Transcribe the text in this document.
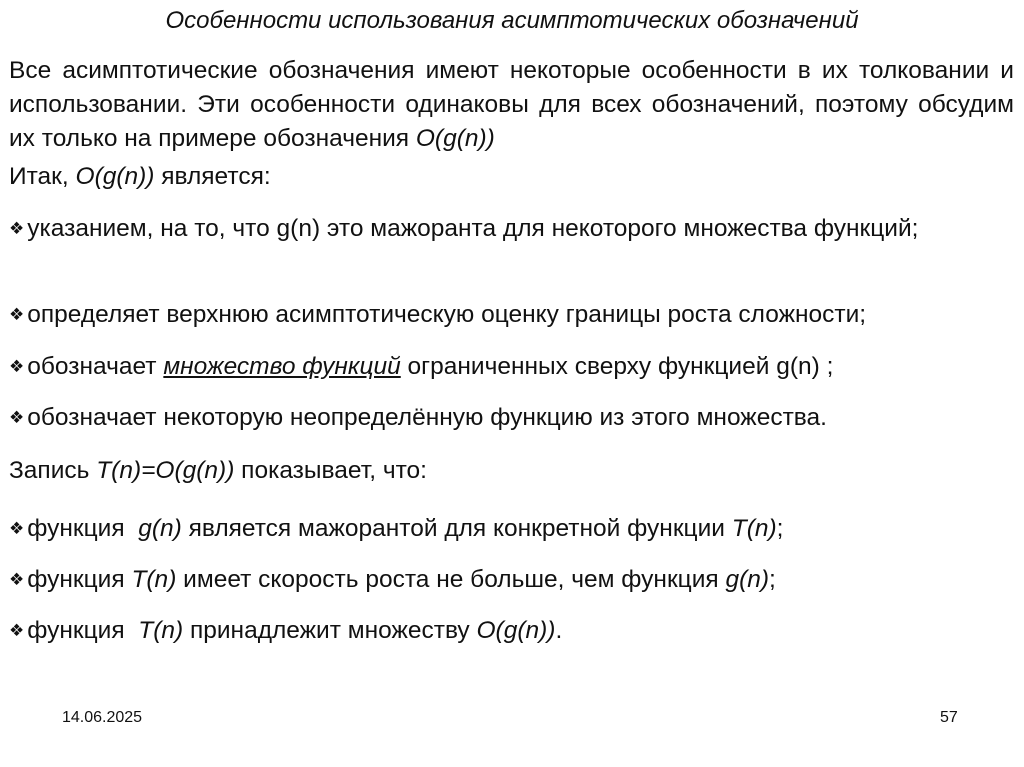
Особенности использования асимптотических обозначений
Все асимптотические обозначения имеют некоторые особенности в их толковании и использовании. Эти особенности одинаковы для всех обозначений, поэтому обсудим их только на примере обозначения O(g(n))
Итак, O(g(n)) является:
❖ указанием, на то, что g(n) это мажоранта для некоторого множества функций;
❖ определяет верхнюю асимптотическую оценку границы роста сложности;
❖ обозначает множество функций ограниченных сверху функцией g(n) ;
❖ обозначает некоторую неопределённую функцию из этого множества.
Запись T(n)=O(g(n)) показывает, что:
❖ функция  g(n) является мажорантой для конкретной функции T(n);
❖ функция T(n) имеет скорость роста не больше, чем функция g(n);
❖ функция  T(n) принадлежит множеству O(g(n)).
14.06.2025	57
